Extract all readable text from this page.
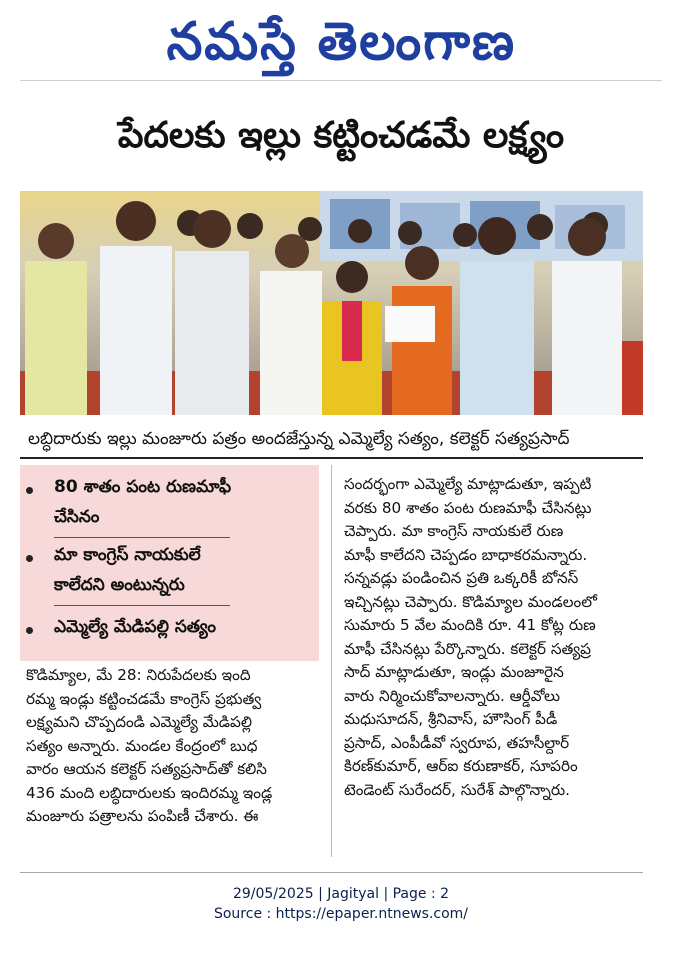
నమస్తే తెలంగాణ
పేదలకు ఇల్లు కట్టించడమే లక్ష్యం
లబ్ధిదారుకు ఇల్లు మంజూరు పత్రం అందజేస్తున్న ఎమ్మెల్యే సత్యం, కలెక్టర్ సత్యప్రసాద్
80 శాతం పంట రుణమాఫీ
చేసినం
మా కాంగ్రెస్ నాయకులే
కాలేదని అంటున్నరు
ఎమ్మెల్యే మేడిపల్లి సత్యం
కొడిమ్యాల, మే 28: నిరుపేదలకు ఇంది
రమ్మ ఇండ్లు కట్టించడమే కాంగ్రెస్ ప్రభుత్వ
లక్ష్యమని చొప్పదండి ఎమ్మెల్యే మేడిపల్లి
సత్యం అన్నారు. మండల కేంద్రంలో బుధ
వారం ఆయన కలెక్టర్ సత్యప్రసాద్‌తో కలిసి
436 మంది లబ్ధిదారులకు ఇందిరమ్మ ఇండ్ల
మంజూరు పత్రాలను పంపిణీ చేశారు. ఈ
సందర్భంగా ఎమ్మెల్యే మాట్లాడుతూ, ఇప్పటి
వరకు 80 శాతం పంట రుణమాఫీ చేసినట్లు
చెప్పారు. మా కాంగ్రెస్ నాయకులే రుణ
మాఫీ కాలేదని చెప్పడం బాధాకరమన్నారు.
సన్నవడ్లు పండించిన ప్రతి ఒక్కరికీ బోనస్
ఇచ్చినట్లు చెప్పారు. కొడిమ్యాల మండలంలో
సుమారు 5 వేల మందికి రూ. 41 కోట్ల రుణ
మాఫీ చేసినట్లు పేర్కొన్నారు. కలెక్టర్ సత్యప్ర
సాద్ మాట్లాడుతూ, ఇండ్లు మంజూరైన
వారు నిర్మించుకోవాలన్నారు. ఆర్డీవోలు
మధుసూదన్, శ్రీనివాస్, హౌసింగ్ పీడీ
ప్రసాద్, ఎంపీడీవో స్వరూప, తహసీల్దార్
కిరణ్‌కుమార్, ఆర్ఐ కరుణాకర్, సూపరిం
టెండెంట్ సురేందర్, సురేశ్ పాల్గొన్నారు.
29/05/2025 | Jagityal | Page : 2
Source : https://epaper.ntnews.com/
